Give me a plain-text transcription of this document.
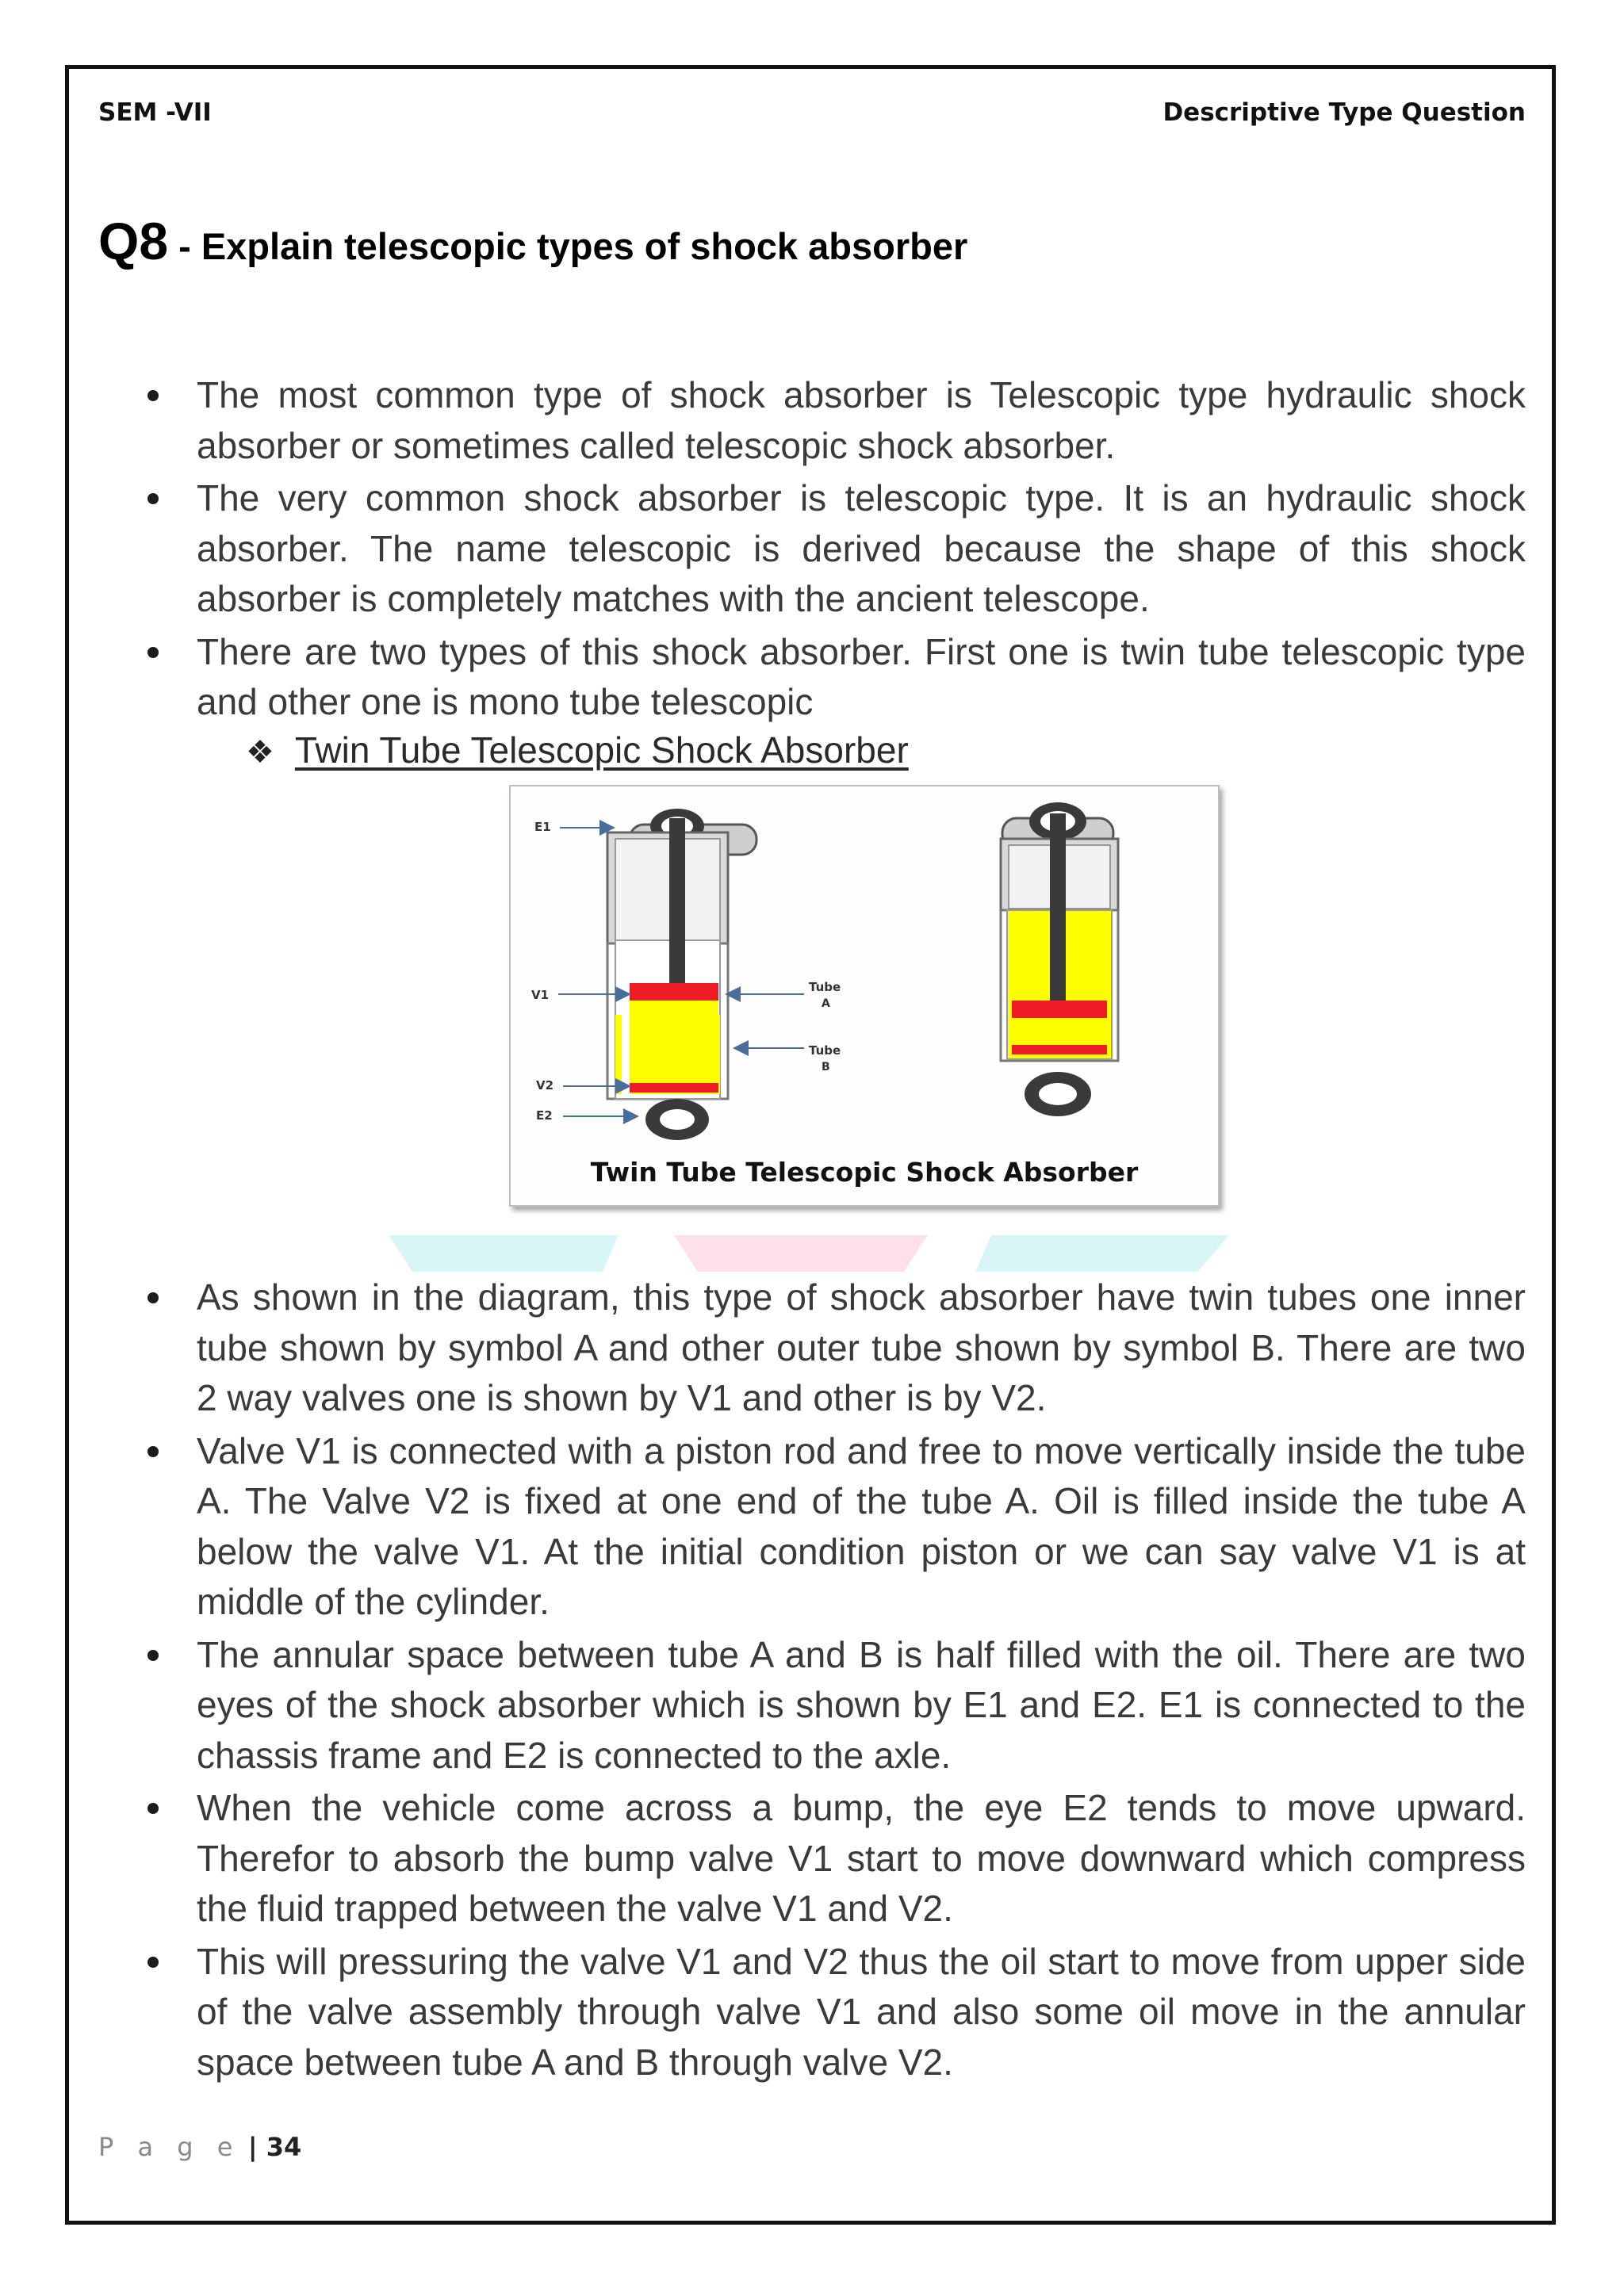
SEM -VII	Descriptive Type Question
Q8 - Explain telescopic types of shock absorber
The most common type of shock absorber is Telescopic type hydraulic shock absorber or sometimes called telescopic shock absorber.
The very common shock absorber is telescopic type. It is an hydraulic shock absorber. The name telescopic is derived because the shape of this shock absorber is completely matches with the ancient telescope.
There are two types of this shock absorber. First one is twin tube telescopic type and other one is mono tube telescopic
❖ Twin Tube Telescopic Shock Absorber
E1
V1
V2
E2
Tube
A
Tube
B
Twin Tube Telescopic Shock Absorber
As shown in the diagram, this type of shock absorber have twin tubes one inner tube shown by symbol A and other outer tube shown by symbol B. There are two 2 way valves one is shown by V1 and other is by V2.
Valve V1 is connected with a piston rod and free to move vertically inside the tube A. The Valve V2 is fixed at one end of the tube A. Oil is filled inside the tube A below the valve V1. At the initial condition piston or we can say valve V1 is at middle of the cylinder.
The annular space between tube A and B is half filled with the oil. There are two eyes of the shock absorber which is shown by E1 and E2. E1 is connected to the chassis frame and E2 is connected to the axle.
When the vehicle come across a bump, the eye E2 tends to move upward. Therefor to absorb the bump valve V1 start to move downward which compress the fluid trapped between the valve V1 and V2.
This will pressuring the valve V1 and V2 thus the oil start to move from upper side of the valve assembly through valve V1 and also some oil move in the annular space between tube A and B through valve V2.
P a g e | 34
